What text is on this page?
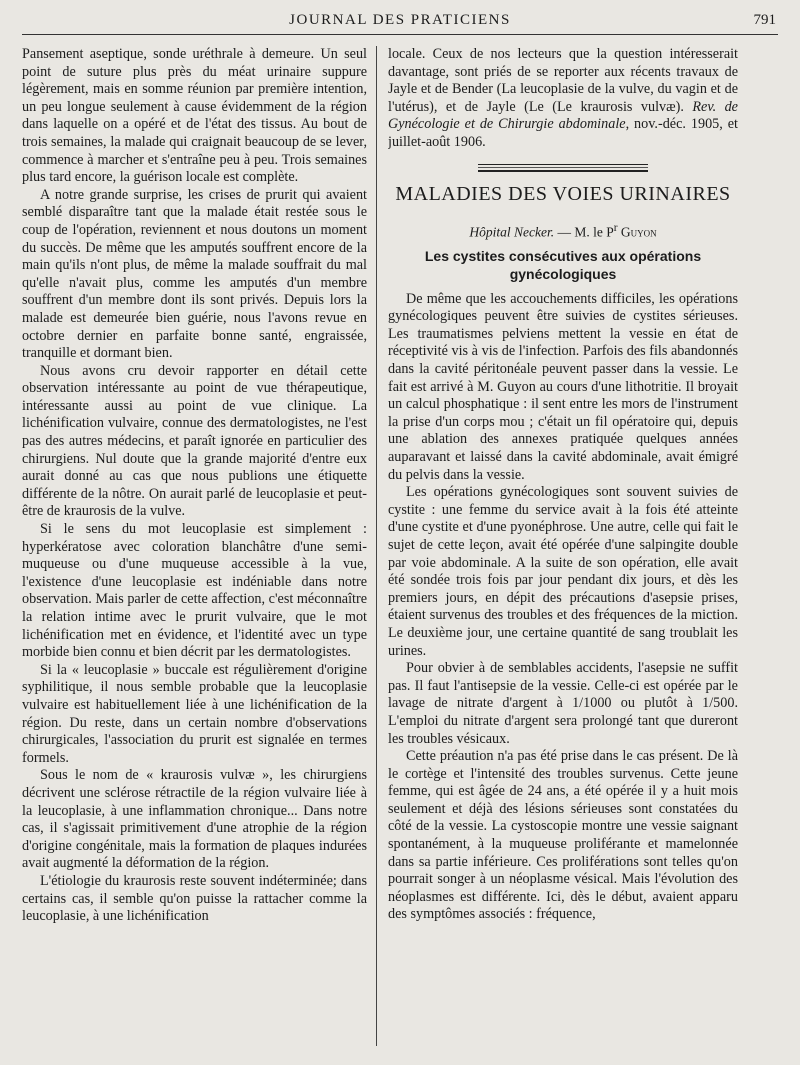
JOURNAL DES PRATICIENS	791

Pansement aseptique, sonde uréthrale à demeure. Un seul point de suture plus près du méat urinaire suppure légèrement, mais en somme réunion par première intention, un peu longue seulement à cause évidemment de la région dans laquelle on a opéré et de l'état des tissus. Au bout de trois semaines, la malade qui craignait beaucoup de se lever, commence à marcher et s'entraîne peu à peu. Trois semaines plus tard encore, la guérison locale est complète.

A notre grande surprise, les crises de prurit qui avaient semblé disparaître tant que la malade était restée sous le coup de l'opération, reviennent et nous doutons un moment du succès. De même que les amputés souffrent encore de la main qu'ils n'ont plus, de même la malade souffrait du mal qu'elle n'avait plus, comme les amputés d'un membre souffrent d'un membre dont ils sont privés. Depuis lors la malade est demeurée bien guérie, nous l'avons revue en octobre dernier en parfaite bonne santé, engraissée, tranquille et dormant bien.

Nous avons cru devoir rapporter en détail cette observation intéressante au point de vue thérapeutique, intéressante aussi au point de vue clinique. La lichénification vulvaire, connue des dermatologistes, ne l'est pas des autres médecins, et paraît ignorée en particulier des chirurgiens. Nul doute que la grande majorité d'entre eux aurait donné au cas que nous publions une étiquette différente de la nôtre. On aurait parlé de leucoplasie et peut-être de kraurosis de la vulve.

Si le sens du mot leucoplasie est simplement : hyperkératose avec coloration blanchâtre d'une semi-muqueuse ou d'une muqueuse accessible à la vue, l'existence d'une leucoplasie est indéniable dans notre observation. Mais parler de cette affection, c'est méconnaître la relation intime avec le prurit vulvaire, que le mot lichénification met en évidence, et l'identité avec un type morbide bien connu et bien décrit par les dermatologistes.

Si la « leucoplasie » buccale est régulièrement d'origine syphilitique, il nous semble probable que la leucoplasie vulvaire est habituellement liée à une lichénification de la région. Du reste, dans un certain nombre d'observations chirurgicales, l'association du prurit est signalée en termes formels.

Sous le nom de « kraurosis vulvæ », les chirurgiens décrivent une sclérose rétractile de la région vulvaire liée à la leucoplasie, à une inflammation chronique... Dans notre cas, il s'agissait primitivement d'une atrophie de la région d'origine congénitale, mais la formation de plaques indurées avait augmenté la déformation de la région.

L'étiologie du kraurosis reste souvent indéterminée; dans certains cas, il semble qu'on puisse la rattacher comme la leucoplasie, à une lichénification

locale. Ceux de nos lecteurs que la question intéresserait davantage, sont priés de se reporter aux récents travaux de Jayle et de Bender (La leucoplasie de la vulve, du vagin et de l'utérus), et de Jayle (Le (Le kraurosis vulvæ). Rev. de Gynécologie et de Chirurgie abdominale, nov.-déc. 1905, et juillet-août 1906.

MALADIES DES VOIES URINAIRES
Hôpital Necker. — M. le $P^r$ Guyon
Les cystites consécutives aux opérations gynécologiques

De même que les accouchements difficiles, les opérations gynécologiques peuvent être suivies de cystites sérieuses. Les traumatismes pelviens mettent la vessie en état de réceptivité vis à vis de l'infection. Parfois des fils abandonnés dans la cavité péritonéale peuvent passer dans la vessie. Le fait est arrivé à M. Guyon au cours d'une lithotritie. Il broyait un calcul phosphatique : il sent entre les mors de l'instrument la prise d'un corps mou ; c'était un fil opératoire qui, depuis une ablation des annexes pratiquée quelques années auparavant et laissé dans la cavité abdominale, avait émigré du pelvis dans la vessie.

Les opérations gynécologiques sont souvent suivies de cystite : une femme du service avait à la fois été atteinte d'une cystite et d'une pyonéphrose. Une autre, celle qui fait le sujet de cette leçon, avait été opérée d'une salpingite double par voie abdominale. A la suite de son opération, elle avait été sondée trois fois par jour pendant dix jours, et dès les premiers jours, en dépit des précautions d'asepsie prises, étaient survenus des troubles et des fréquences de la miction. Le deuxième jour, une certaine quantité de sang troublait les urines.

Pour obvier à de semblables accidents, l'asepsie ne suffit pas. Il faut l'antisepsie de la vessie. Celle-ci est opérée par le lavage de nitrate d'argent à 1/1000 ou plutôt à 1/500. L'emploi du nitrate d'argent sera prolongé tant que dureront les troubles vésicaux.

Cette préaution n'a pas été prise dans le cas présent. De là le cortège et l'intensité des troubles survenus. Cette jeune femme, qui est âgée de 24 ans, a été opérée il y a huit mois seulement et déjà des lésions sérieuses sont constatées du côté de la vessie. La cystoscopie montre une vessie saignant spontanément, à la muqueuse proliférante et mamelonnée dans sa partie inférieure. Ces proliférations sont telles qu'on pourrait songer à un néoplasme vésical. Mais l'évolution des néoplasmes est différente. Ici, dès le début, avaient apparu des symptômes associés : fréquence,
